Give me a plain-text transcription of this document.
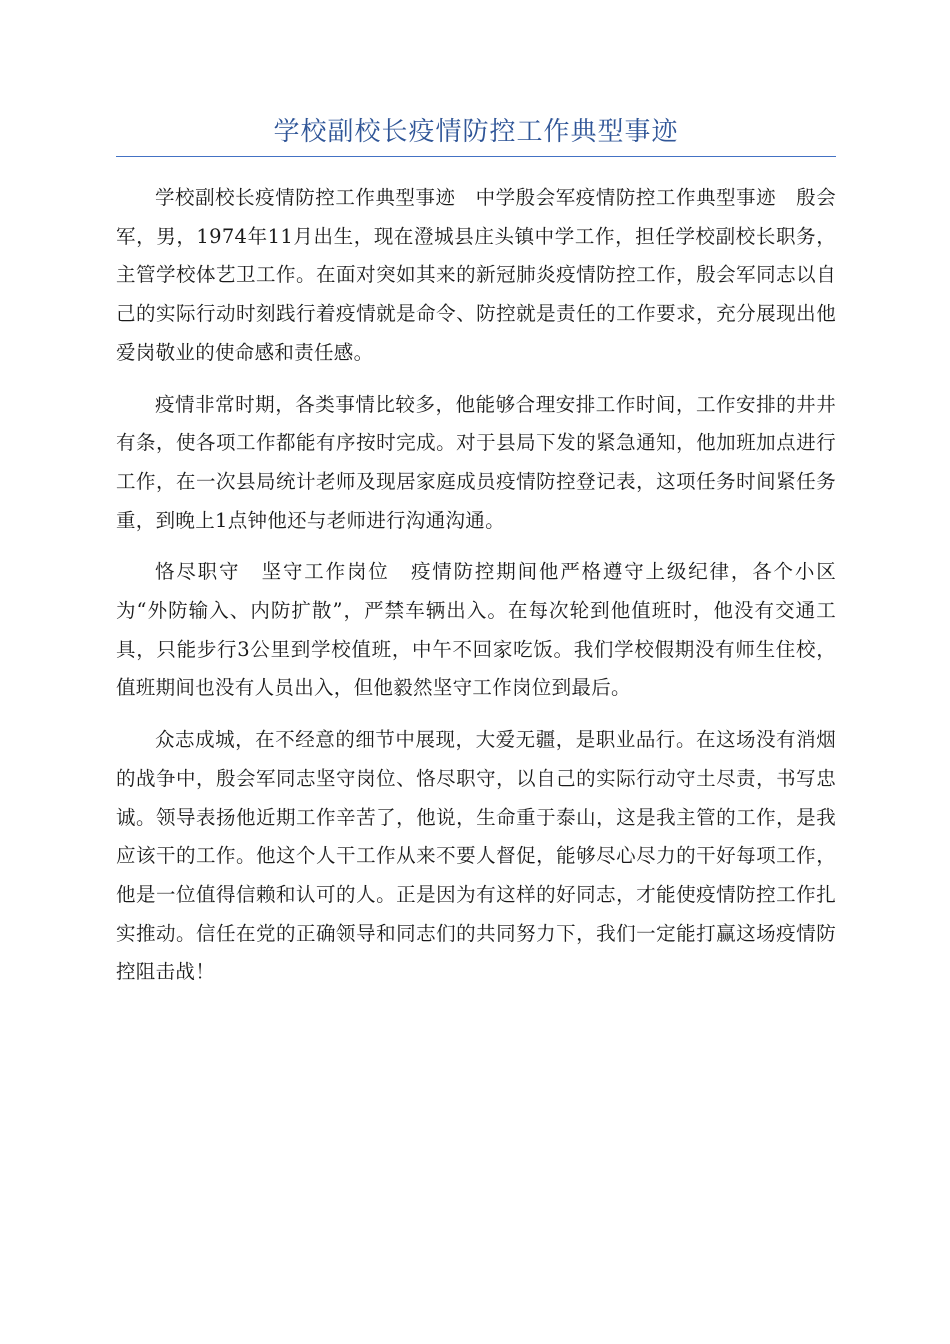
学校副校长疫情防控工作典型事迹

学校副校长疫情防控工作典型事迹　中学殷会军疫情防控工作典型事迹　殷会军，男，1974年11月出生，现在澄城县庄头镇中学工作，担任学校副校长职务，主管学校体艺卫工作。在面对突如其来的新冠肺炎疫情防控工作，殷会军同志以自己的实际行动时刻践行着疫情就是命令、防控就是责任的工作要求，充分展现出他爱岗敬业的使命感和责任感。

疫情非常时期，各类事情比较多，他能够合理安排工作时间，工作安排的井井有条，使各项工作都能有序按时完成。对于县局下发的紧急通知，他加班加点进行工作，在一次县局统计老师及现居家庭成员疫情防控登记表，这项任务时间紧任务重，到晚上1点钟他还与老师进行沟通沟通。

恪尽职守　坚守工作岗位　疫情防控期间他严格遵守上级纪律，各个小区为“外防输入、内防扩散”，严禁车辆出入。在每次轮到他值班时，他没有交通工具，只能步行3公里到学校值班，中午不回家吃饭。我们学校假期没有师生住校，值班期间也没有人员出入，但他毅然坚守工作岗位到最后。

众志成城，在不经意的细节中展现，大爱无疆，是职业品行。在这场没有消烟的战争中，殷会军同志坚守岗位、恪尽职守，以自己的实际行动守土尽责，书写忠诚。领导表扬他近期工作辛苦了，他说，生命重于泰山，这是我主管的工作，是我应该干的工作。他这个人干工作从来不要人督促，能够尽心尽力的干好每项工作，他是一位值得信赖和认可的人。正是因为有这样的好同志，才能使疫情防控工作扎实推动。信任在党的正确领导和同志们的共同努力下，我们一定能打赢这场疫情防控阻击战！
